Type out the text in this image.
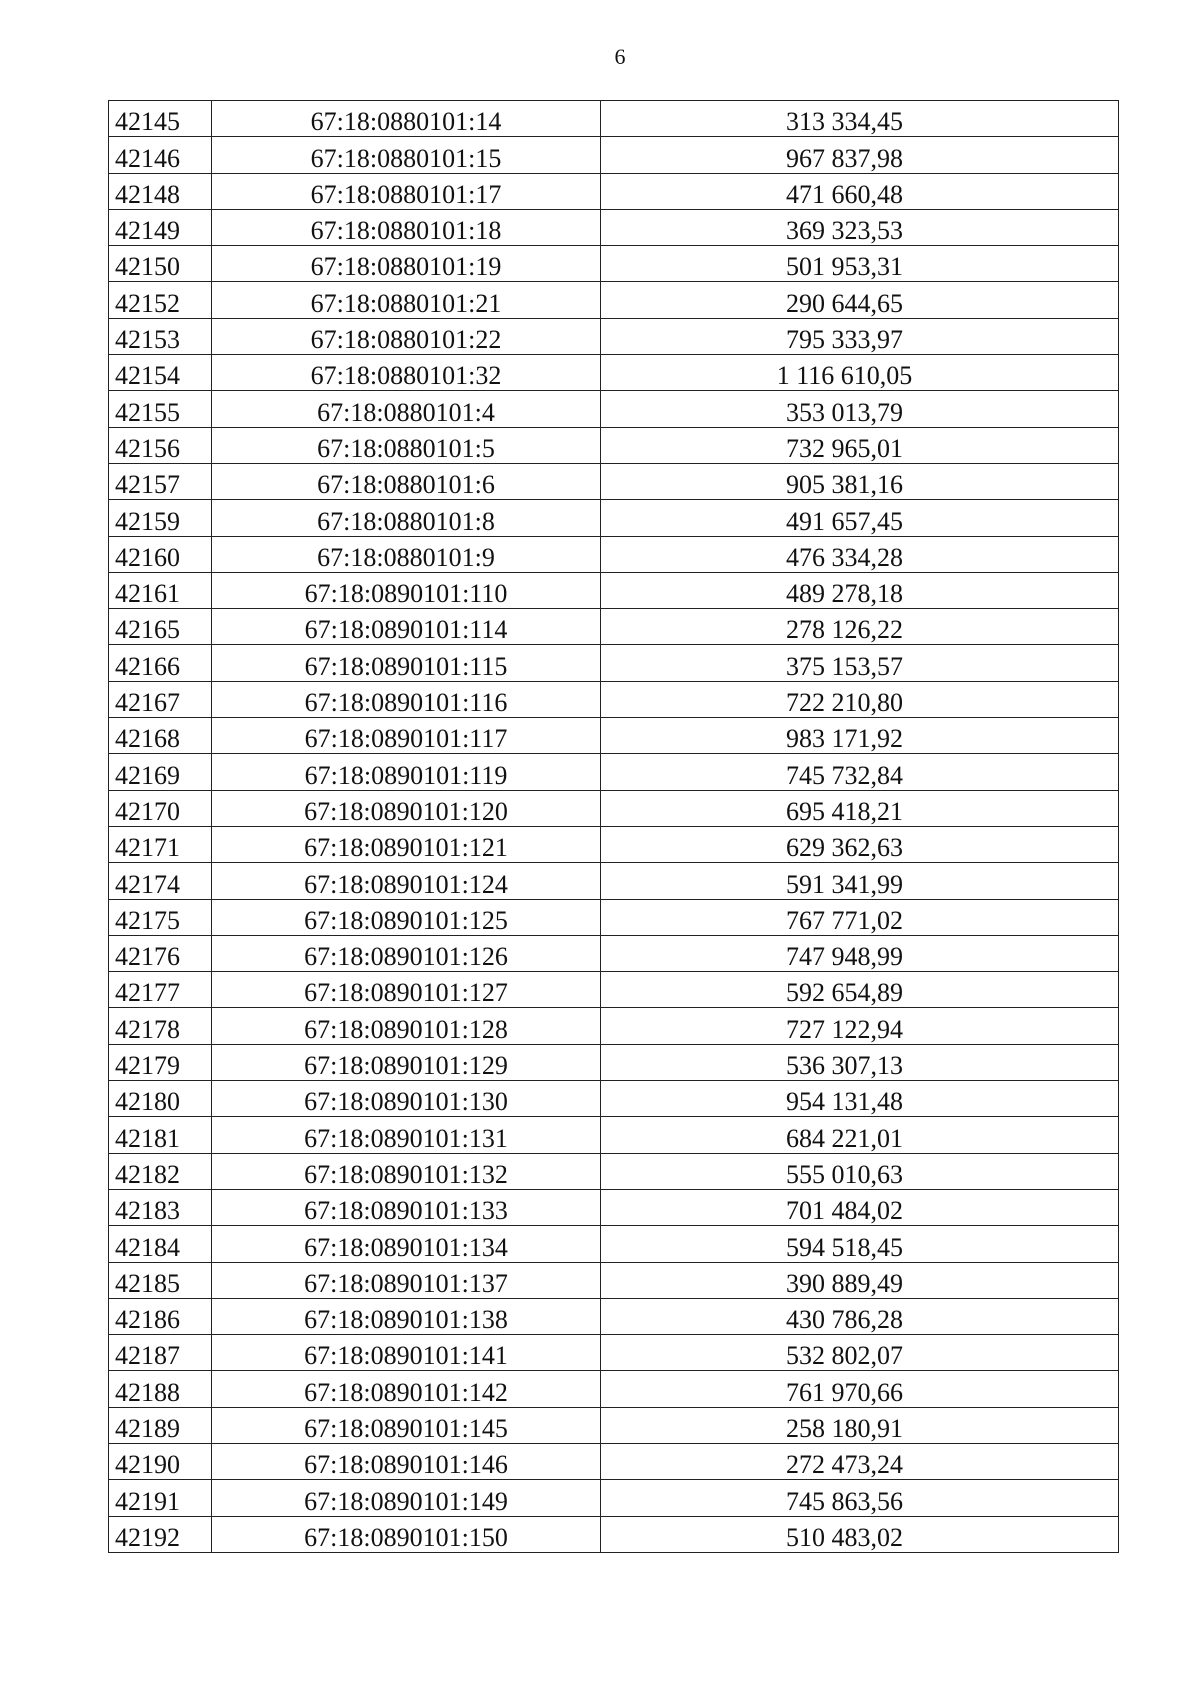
6
42145	67:18:0880101:14	313 334,45
42146	67:18:0880101:15	967 837,98
42148	67:18:0880101:17	471 660,48
42149	67:18:0880101:18	369 323,53
42150	67:18:0880101:19	501 953,31
42152	67:18:0880101:21	290 644,65
42153	67:18:0880101:22	795 333,97
42154	67:18:0880101:32	1 116 610,05
42155	67:18:0880101:4	353 013,79
42156	67:18:0880101:5	732 965,01
42157	67:18:0880101:6	905 381,16
42159	67:18:0880101:8	491 657,45
42160	67:18:0880101:9	476 334,28
42161	67:18:0890101:110	489 278,18
42165	67:18:0890101:114	278 126,22
42166	67:18:0890101:115	375 153,57
42167	67:18:0890101:116	722 210,80
42168	67:18:0890101:117	983 171,92
42169	67:18:0890101:119	745 732,84
42170	67:18:0890101:120	695 418,21
42171	67:18:0890101:121	629 362,63
42174	67:18:0890101:124	591 341,99
42175	67:18:0890101:125	767 771,02
42176	67:18:0890101:126	747 948,99
42177	67:18:0890101:127	592 654,89
42178	67:18:0890101:128	727 122,94
42179	67:18:0890101:129	536 307,13
42180	67:18:0890101:130	954 131,48
42181	67:18:0890101:131	684 221,01
42182	67:18:0890101:132	555 010,63
42183	67:18:0890101:133	701 484,02
42184	67:18:0890101:134	594 518,45
42185	67:18:0890101:137	390 889,49
42186	67:18:0890101:138	430 786,28
42187	67:18:0890101:141	532 802,07
42188	67:18:0890101:142	761 970,66
42189	67:18:0890101:145	258 180,91
42190	67:18:0890101:146	272 473,24
42191	67:18:0890101:149	745 863,56
42192	67:18:0890101:150	510 483,02
